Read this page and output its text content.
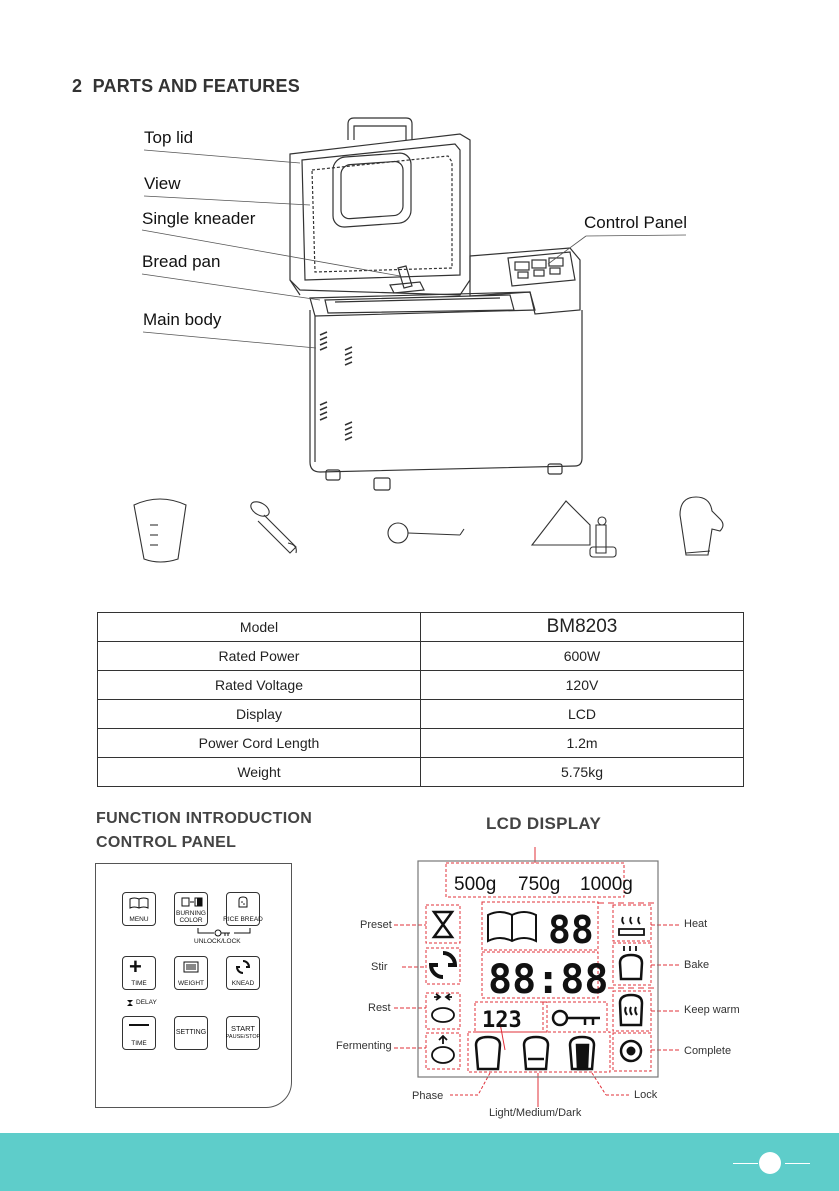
2 PARTS AND FEATURES
Top lid
View
Single kneader
Bread pan
Main body
Control Panel
Model	BM8203
Rated Power	600W
Rated Voltage	120V
Display	LCD
Power Cord Length	1.2m
Weight	5.75kg
FUNCTION INTRODUCTION
CONTROL PANEL
LCD DISPLAY
MENU
BURNING COLOR	RICE BREAD
UNLOCK/LOCK
+
TIME	WEIGHT	KNEAD
DELAY
TIME
SETTING	START
PAUSE/STOP
500g 750g 1000g
88
88:88
123
Preset
Stir
Rest
Fermenting
Phase
Light/Medium/Dark
Lock
Heat
Bake
Keep warm
Complete
